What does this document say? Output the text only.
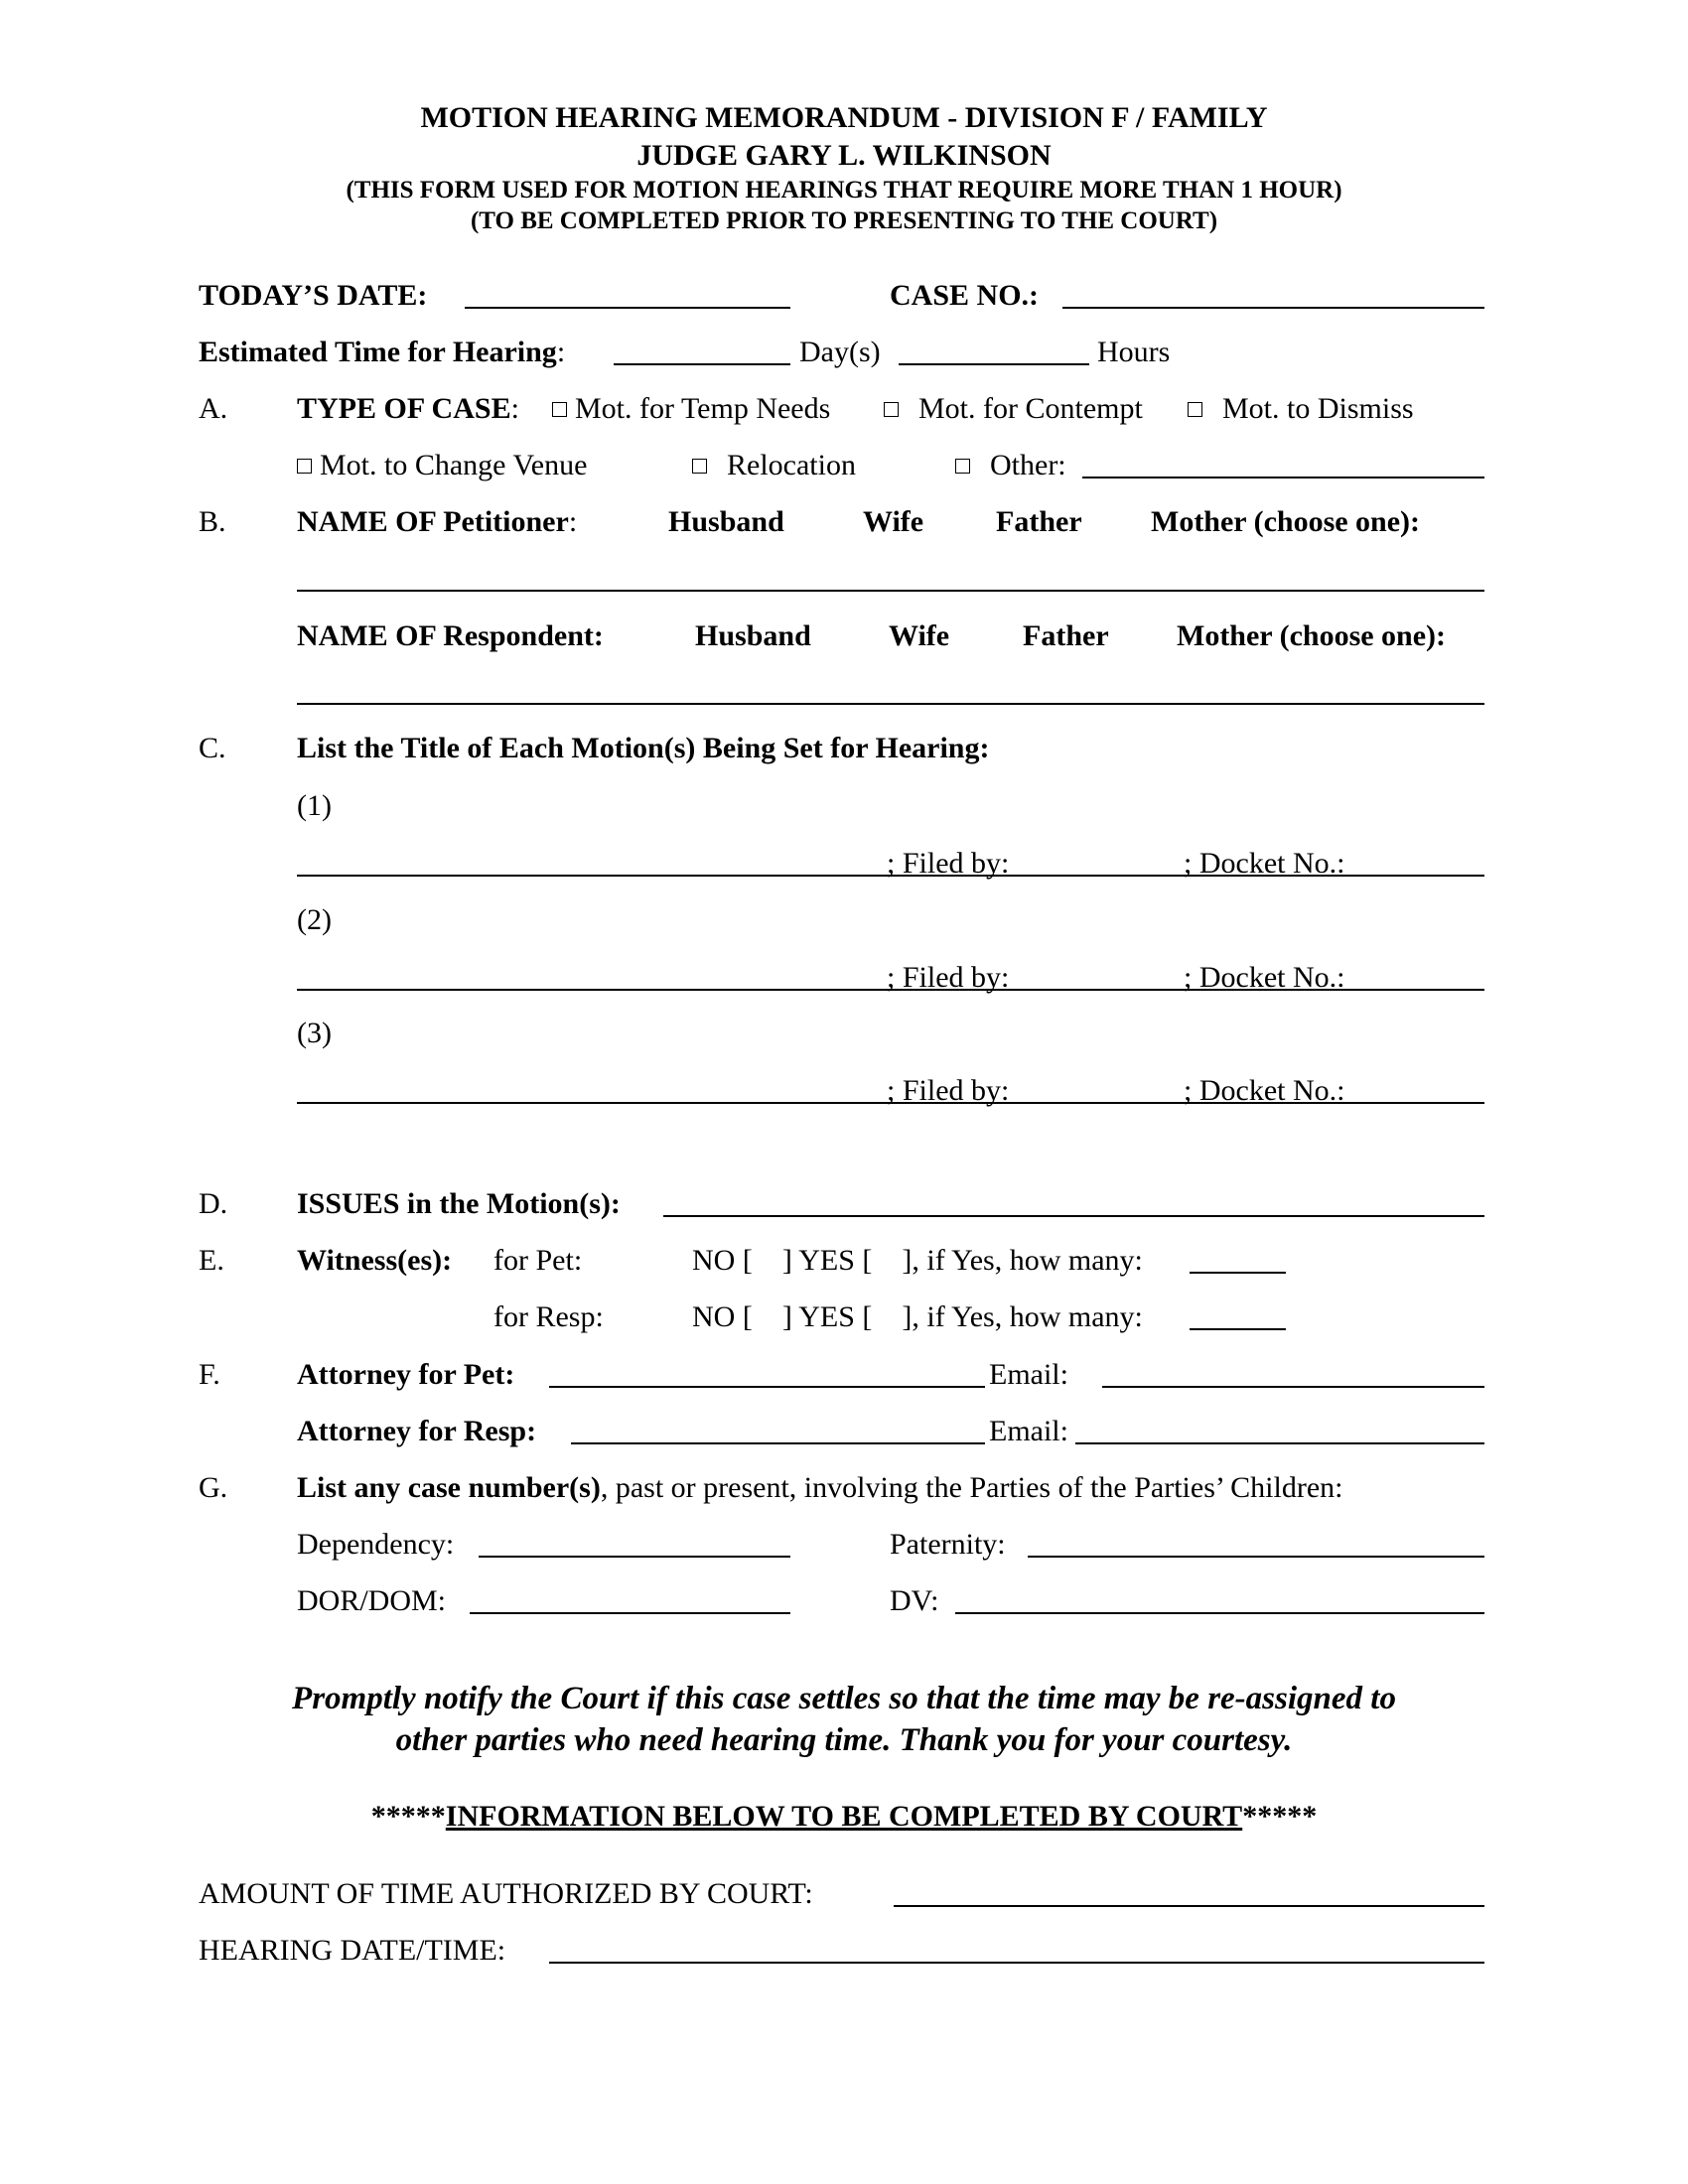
MOTION HEARING MEMORANDUM - DIVISION F / FAMILY
JUDGE GARY L. WILKINSON
(THIS FORM USED FOR MOTION HEARINGS THAT REQUIRE MORE THAN 1 HOUR)
(TO BE COMPLETED PRIOR TO PRESENTING TO THE COURT)
TODAY’S DATE:	CASE NO.:
Estimated Time for Hearing:	Day(s)	Hours
A. TYPE OF CASE:	Mot. for Temp Needs	Mot. for Contempt	Mot. to Dismiss
Mot. to Change Venue	Relocation	Other:
B. NAME OF Petitioner:	Husband	Wife Father Mother (choose one):
NAME OF Respondent:	Husband	Wife Father Mother (choose one):
C. List the Title of Each Motion(s) Being Set for Hearing:
(1)
; Filed by:	; Docket No.:
(2)
; Filed by:	; Docket No.:
(3)
; Filed by:	; Docket No.:
D. ISSUES in the Motion(s):
E. Witness(es): for Pet:	NO [    ] YES [    ], if Yes, how many:
for Resp:	NO [    ] YES [    ], if Yes, how many:
F.	Attorney for Pet:	Email:
Attorney for Resp:	Email:
G. List any case number(s), past or present, involving the Parties of the Parties’ Children:
Dependency:	Paternity:
DOR/DOM:	DV:
Promptly notify the Court if this case settles so that the time may be re-assigned to
other parties who need hearing time. Thank you for your courtesy.
*****INFORMATION BELOW TO BE COMPLETED BY COURT*****
AMOUNT OF TIME AUTHORIZED BY COURT:
HEARING DATE/TIME:
